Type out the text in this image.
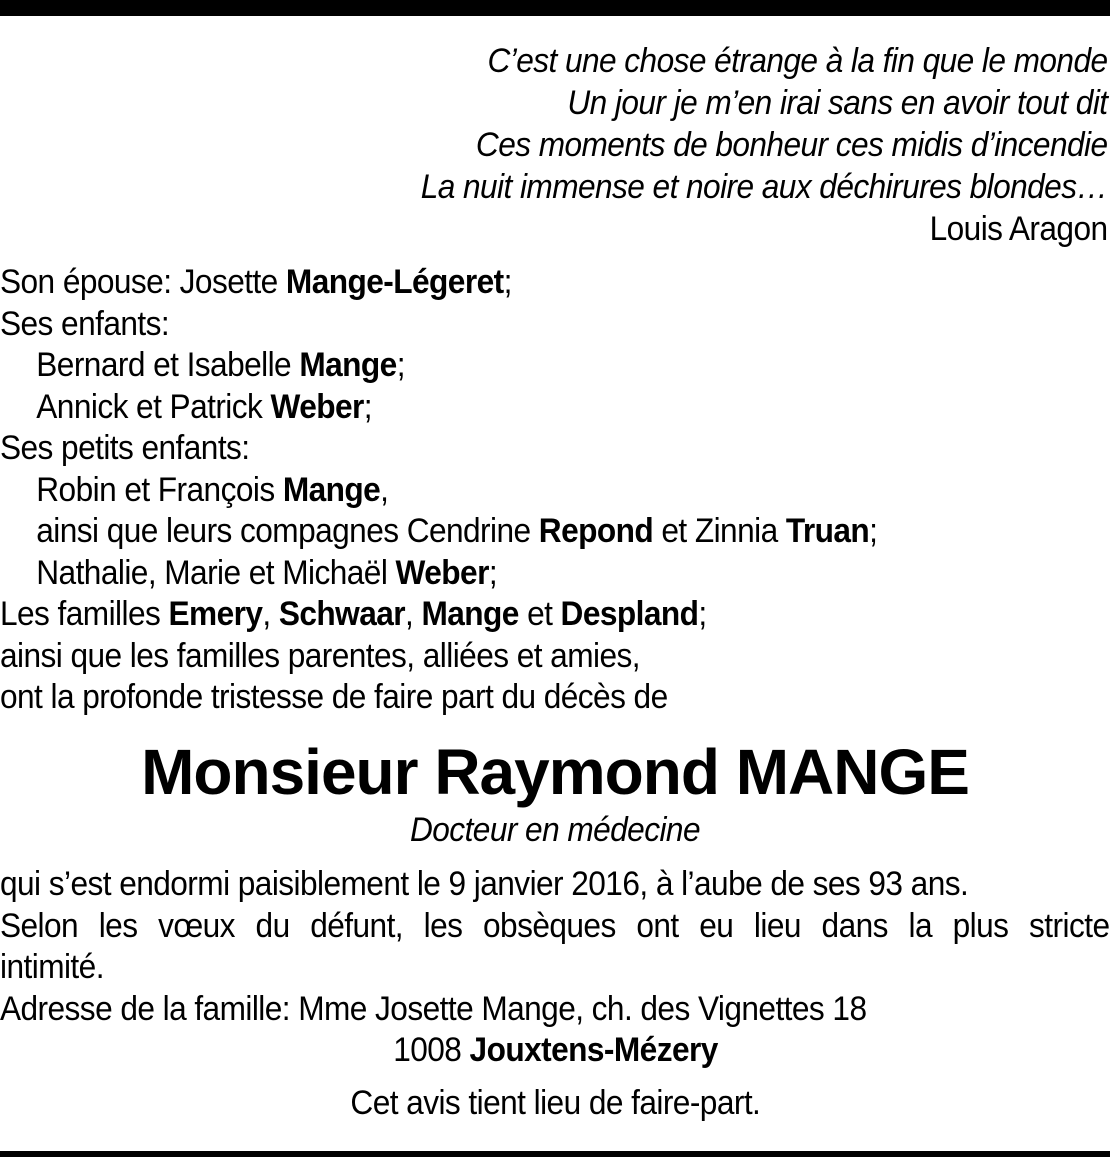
C’est une chose étrange à la fin que le monde
Un jour je m’en irai sans en avoir tout dit
Ces moments de bonheur ces midis d’incendie
La nuit immense et noire aux déchirures blondes…
Louis Aragon
Son épouse: Josette Mange-Légeret;
Ses enfants:
Bernard et Isabelle Mange;
Annick et Patrick Weber;
Ses petits enfants:
Robin et François Mange,
ainsi que leurs compagnes Cendrine Repond et Zinnia Truan;
Nathalie, Marie et Michaël Weber;
Les familles Emery, Schwaar, Mange et Despland;
ainsi que les familles parentes, alliées et amies,
ont la profonde tristesse de faire part du décès de
Monsieur Raymond MANGE
Docteur en médecine
qui s’est endormi paisiblement le 9 janvier 2016, à l’aube de ses 93 ans.
Selon les vœux du défunt, les obsèques ont eu lieu dans la plus stricte
intimité.
Adresse de la famille: Mme Josette Mange, ch. des Vignettes 18
1008 Jouxtens-Mézery
Cet avis tient lieu de faire-part.
